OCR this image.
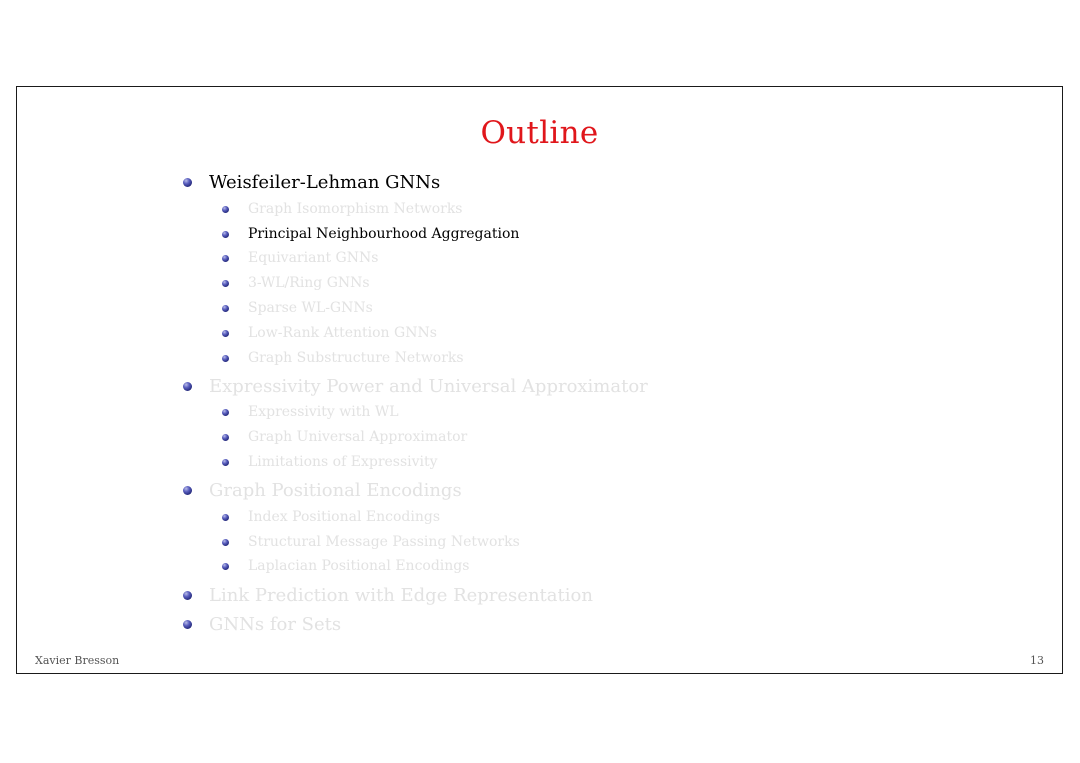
Outline
Weisfeiler-Lehman GNNs
Graph Isomorphism Networks
Principal Neighbourhood Aggregation
Equivariant GNNs
3-WL/Ring GNNs
Sparse WL-GNNs
Low-Rank Attention GNNs
Graph Substructure Networks
Expressivity Power and Universal Approximator
Expressivity with WL
Graph Universal Approximator
Limitations of Expressivity
Graph Positional Encodings
Index Positional Encodings
Structural Message Passing Networks
Laplacian Positional Encodings
Link Prediction with Edge Representation
GNNs for Sets
Xavier Bresson	13
